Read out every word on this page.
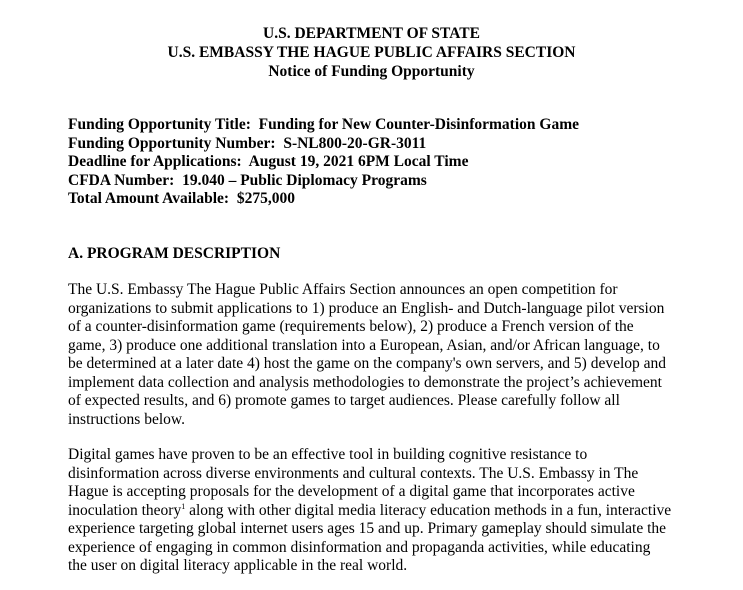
U.S. DEPARTMENT OF STATE
U.S. EMBASSY THE HAGUE PUBLIC AFFAIRS SECTION
Notice of Funding Opportunity
Funding Opportunity Title: Funding for New Counter-Disinformation Game
Funding Opportunity Number: S-NL800-20-GR-3011
Deadline for Applications: August 19, 2021 6PM Local Time
CFDA Number: 19.040 – Public Diplomacy Programs
Total Amount Available: $275,000
A. PROGRAM DESCRIPTION
The U.S. Embassy The Hague Public Affairs Section announces an open competition for
organizations to submit applications to 1) produce an English- and Dutch-language pilot version
of a counter-disinformation game (requirements below), 2) produce a French version of the
game, 3) produce one additional translation into a European, Asian, and/or African language, to
be determined at a later date 4) host the game on the company's own servers, and 5) develop and
implement data collection and analysis methodologies to demonstrate the project’s achievement
of expected results, and 6) promote games to target audiences. Please carefully follow all
instructions below.
Digital games have proven to be an effective tool in building cognitive resistance to
disinformation across diverse environments and cultural contexts. The U.S. Embassy in The
Hague is accepting proposals for the development of a digital game that incorporates active
inoculation theory$^1$ along with other digital media literacy education methods in a fun, interactive
experience targeting global internet users ages 15 and up. Primary gameplay should simulate the
experience of engaging in common disinformation and propaganda activities, while educating
the user on digital literacy applicable in the real world.
